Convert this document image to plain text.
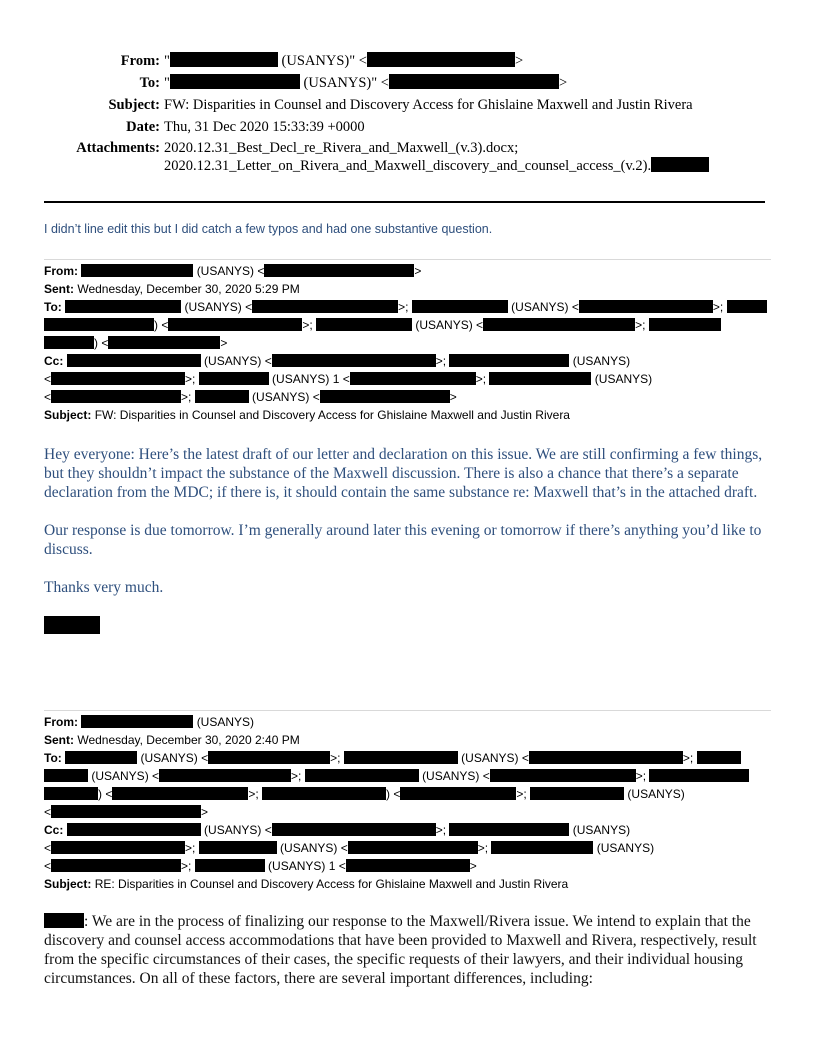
From: "	(USANYS)" <	>
To: "	(USANYS)" <	>
Subject: FW: Disparities in Counsel and Discovery Access for Ghislaine Maxwell and Justin Rivera
Date: Thu, 31 Dec 2020 15:33:39 +0000
Attachments: 2020.12.31_Best_Decl_re_Rivera_and_Maxwell_(v.3).docx;
2020.12.31_Letter_on_Rivera_and_Maxwell_discovery_and_counsel_access_(v.2).
I didn’t line edit this but I did catch a few typos and had one substantive question.
From:	(USANYS) <	>
Sent: Wednesday, December 30, 2020 5:29 PM
To:	(USANYS) <	>;	(USANYS) <	>;
) <	>;	(USANYS) <	>;
) <	>
Cc:	(USANYS) <	>;	(USANYS)
<	>;	(USANYS) 1 <	>;	(USANYS)
<	>;	(USANYS) <	>
Subject: FW: Disparities in Counsel and Discovery Access for Ghislaine Maxwell and Justin Rivera

Hey everyone: Here’s the latest draft of our letter and declaration on this issue. We are still confirming a few things, but they shouldn’t impact the substance of the Maxwell discussion. There is also a chance that there’s a separate declaration from the MDC; if there is, it should contain the same substance re: Maxwell that’s in the attached draft.

Our response is due tomorrow. I’m generally around later this evening or tomorrow if there’s anything you’d like to discuss.

Thanks very much.

From:	(USANYS)
Sent: Wednesday, December 30, 2020 2:40 PM
To:	(USANYS) <	>;	(USANYS) <	>;
(USANYS) <	>;	(USANYS) <	>;
) <	>;	) <	>;	(USANYS)
<	>
Cc:	(USANYS) <	>;	(USANYS)
<	>;	(USANYS) <	>;	(USANYS)
<	>;	(USANYS) 1 <	>
Subject: RE: Disparities in Counsel and Discovery Access for Ghislaine Maxwell and Justin Rivera
: We are in the process of finalizing our response to the Maxwell/Rivera issue. We intend to explain that the discovery and counsel access accommodations that have been provided to Maxwell and Rivera, respectively, result from the specific circumstances of their cases, the specific requests of their lawyers, and their individual housing circumstances. On all of these factors, there are several important differences, including:
